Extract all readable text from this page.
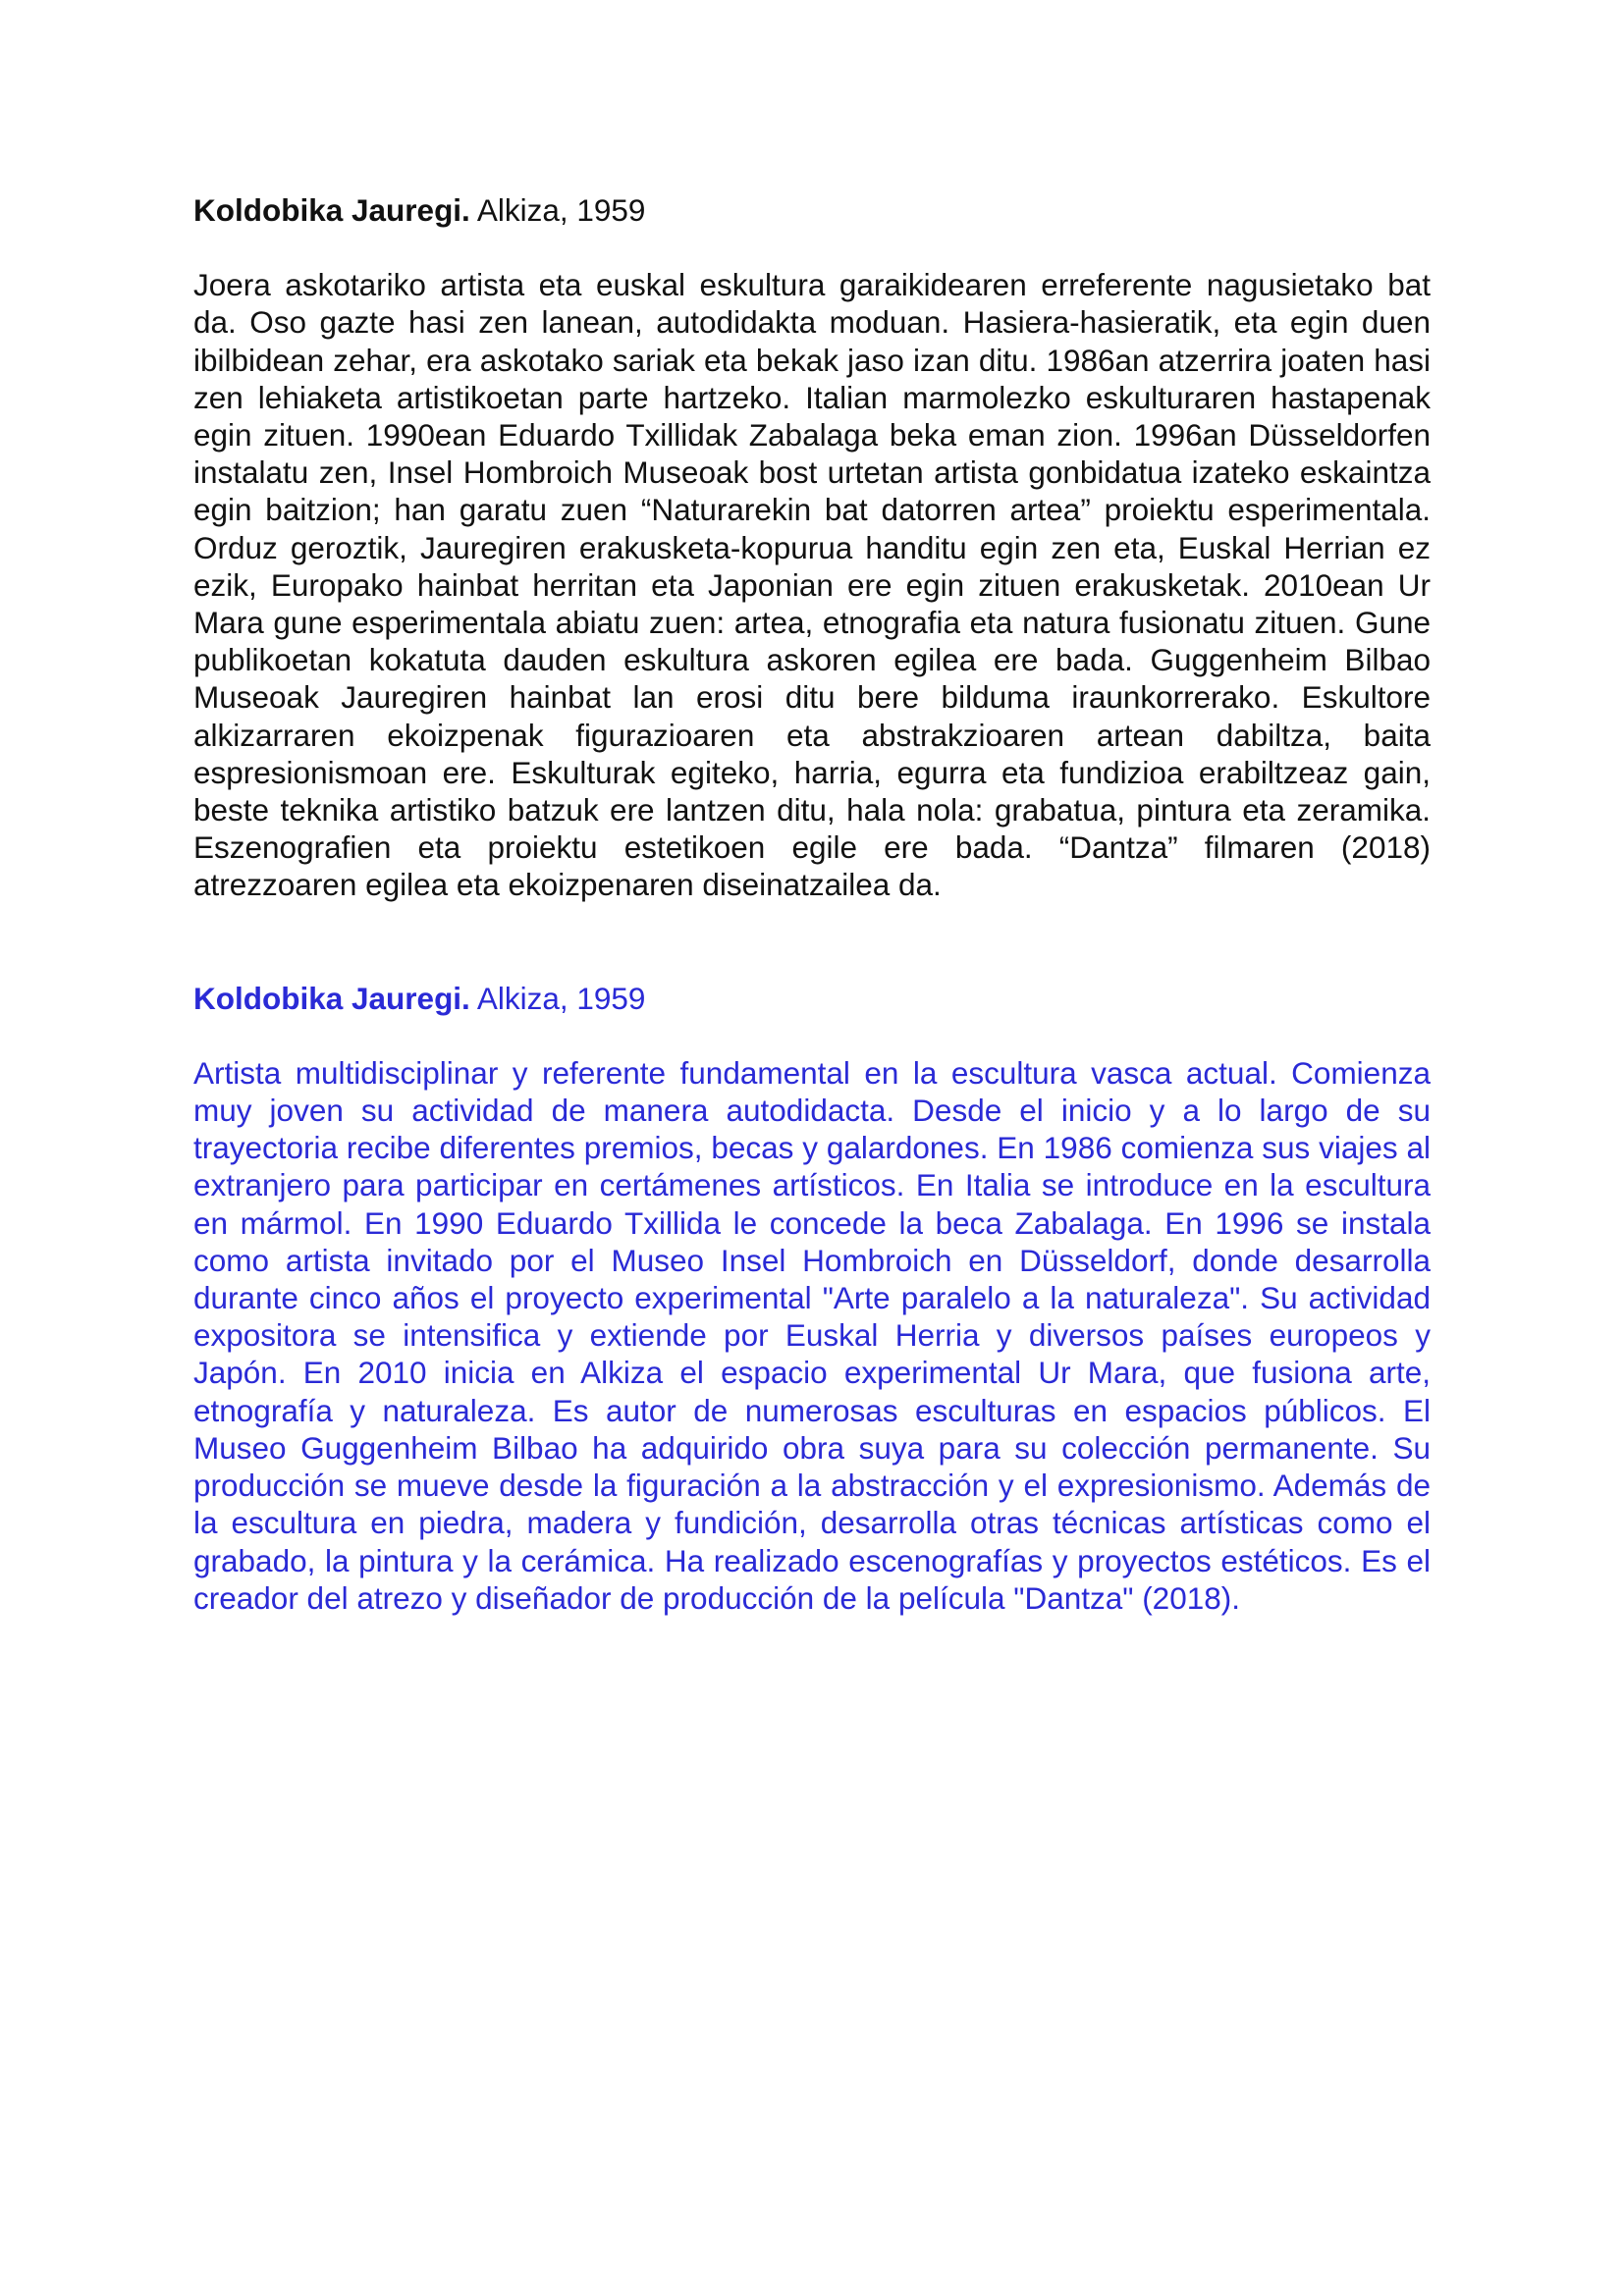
Koldobika Jauregi. Alkiza, 1959

Joera askotariko artista eta euskal eskultura garaikidearen erreferente nagusietako bat da. Oso gazte hasi zen lanean, autodidakta moduan. Hasiera-hasieratik, eta egin duen ibilbidean zehar, era askotako sariak eta bekak jaso izan ditu. 1986an atzerrira joaten hasi zen lehiaketa artistikoetan parte hartzeko. Italian marmolezko eskulturaren hastapenak egin zituen. 1990ean Eduardo Txillidak Zabalaga beka eman zion. 1996an Düsseldorfen instalatu zen, Insel Hombroich Museoak bost urtetan artista gonbidatua izateko eskaintza egin baitzion; han garatu zuen “Naturarekin bat datorren artea” proiektu esperimentala. Orduz geroztik, Jauregiren erakusketa-kopurua handitu egin zen eta, Euskal Herrian ez ezik, Europako hainbat herritan eta Japonian ere egin zituen erakusketak. 2010ean Ur Mara gune esperimentala abiatu zuen: artea, etnografia eta natura fusionatu zituen. Gune publikoetan kokatuta dauden eskultura askoren egilea ere bada. Guggenheim Bilbao Museoak Jauregiren hainbat lan erosi ditu bere bilduma iraunkorrerako. Eskultore alkizarraren ekoizpenak figurazioaren eta abstrakzioaren artean dabiltza, baita espresionismoan ere. Eskulturak egiteko, harria, egurra eta fundizioa erabiltzeaz gain, beste teknika artistiko batzuk ere lantzen ditu, hala nola: grabatua, pintura eta zeramika. Eszenografien eta proiektu estetikoen egile ere bada. “Dantza” filmaren (2018) atrezzoaren egilea eta ekoizpenaren diseinatzailea da.

Koldobika Jauregi. Alkiza, 1959

Artista multidisciplinar y referente fundamental en la escultura vasca actual. Comienza muy joven su actividad de manera autodidacta. Desde el inicio y a lo largo de su trayectoria recibe diferentes premios, becas y galardones. En 1986 comienza sus viajes al extranjero para participar en certámenes artísticos. En Italia se introduce en la escultura en mármol. En 1990 Eduardo Txillida le concede la beca Zabalaga. En 1996 se instala como artista invitado por el Museo Insel Hombroich en Düsseldorf, donde desarrolla durante cinco años el proyecto experimental "Arte paralelo a la naturaleza". Su actividad expositora se intensifica y extiende por Euskal Herria y diversos países europeos y Japón. En 2010 inicia en Alkiza el espacio experimental Ur Mara, que fusiona arte, etnografía y naturaleza. Es autor de numerosas esculturas en espacios públicos. El Museo Guggenheim Bilbao ha adquirido obra suya para su colección permanente. Su producción se mueve desde la figuración a la abstracción y el expresionismo. Además de la escultura en piedra, madera y fundición, desarrolla otras técnicas artísticas como el grabado, la pintura y la cerámica. Ha realizado escenografías y proyectos estéticos. Es el creador del atrezo y diseñador de producción de la película "Dantza" (2018).
